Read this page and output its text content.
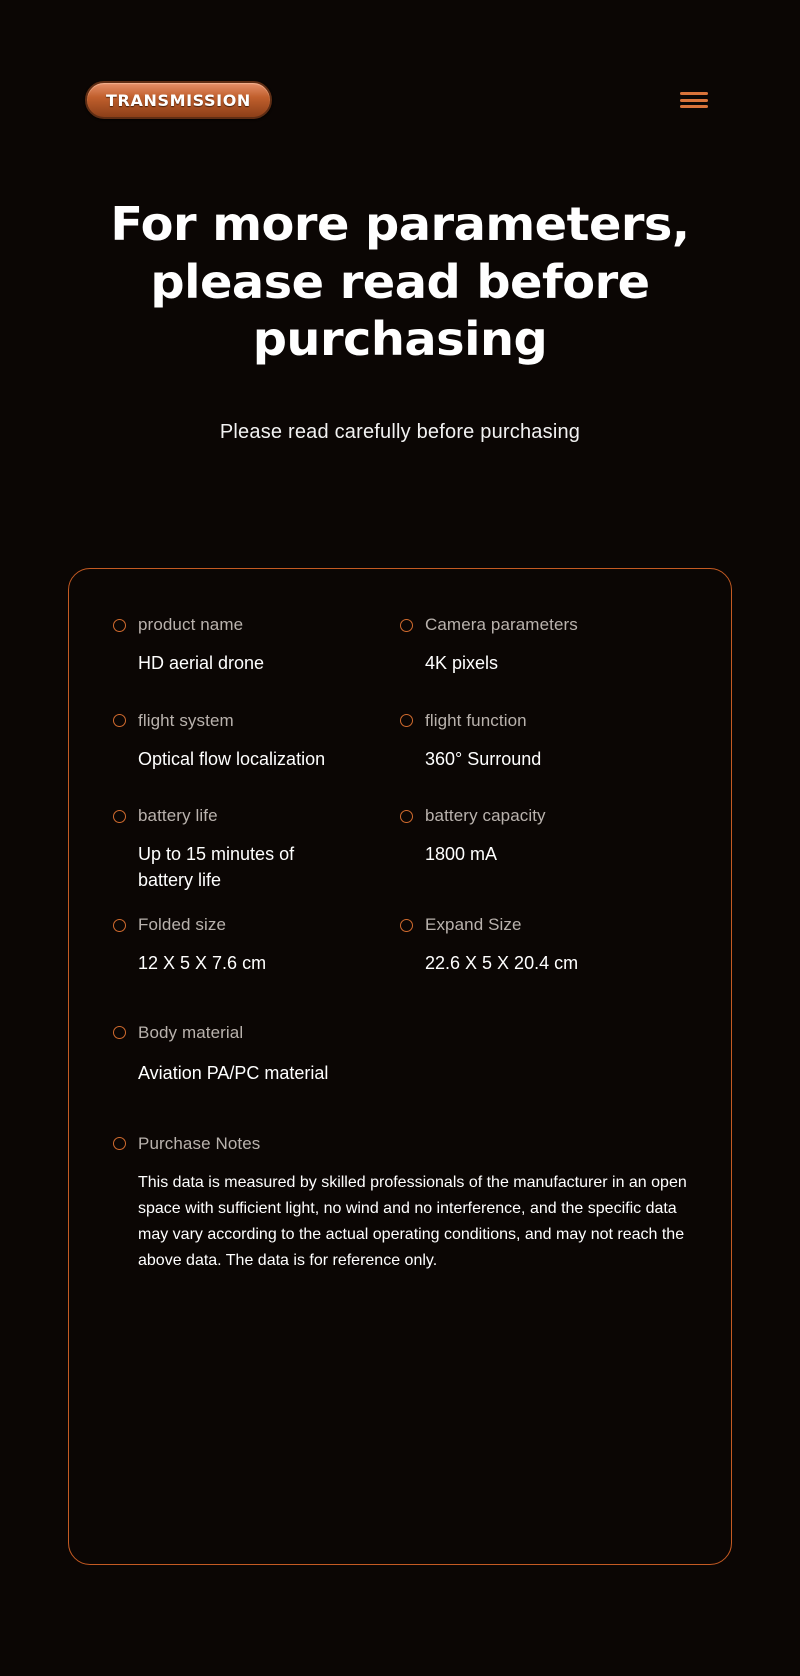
TRANSMISSION
For more parameters, please read before purchasing
Please read carefully before purchasing
product name
HD aerial drone
Camera parameters
4K pixels
flight system
Optical flow localization
flight function
360° Surround
battery life
Up to 15 minutes of battery life
battery capacity
1800 mA
Folded size
12 X 5 X 7.6 cm
Expand Size
22.6 X 5 X 20.4 cm
Body material
Aviation PA/PC material
Purchase Notes
This data is measured by skilled professionals of the manufacturer in an open space with sufficient light, no wind and no interference, and the specific data may vary according to the actual operating conditions, and may not reach the above data. The data is for reference only.
